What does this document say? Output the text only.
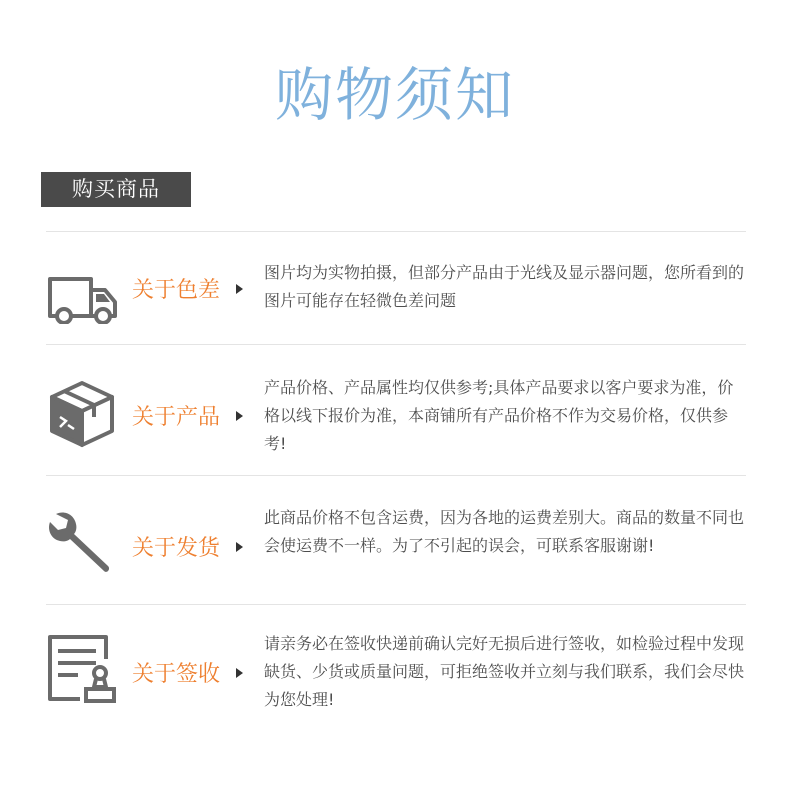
购物须知
购买商品
关于色差
图片均为实物拍摄，但部分产品由于光线及显示器问题，您所看到的图片可能存在轻微色差问题
关于产品
产品价格、产品属性均仅供参考;具体产品要求以客户要求为准，价格以线下报价为准，本商铺所有产品价格不作为交易价格，仅供参考!
关于发货
此商品价格不包含运费，因为各地的运费差别大。商品的数量不同也会使运费不一样。为了不引起的误会，可联系客服谢谢!
关于签收
请亲务必在签收快递前确认完好无损后进行签收，如检验过程中发现缺货、少货或质量问题，可拒绝签收并立刻与我们联系，我们会尽快为您处理!
